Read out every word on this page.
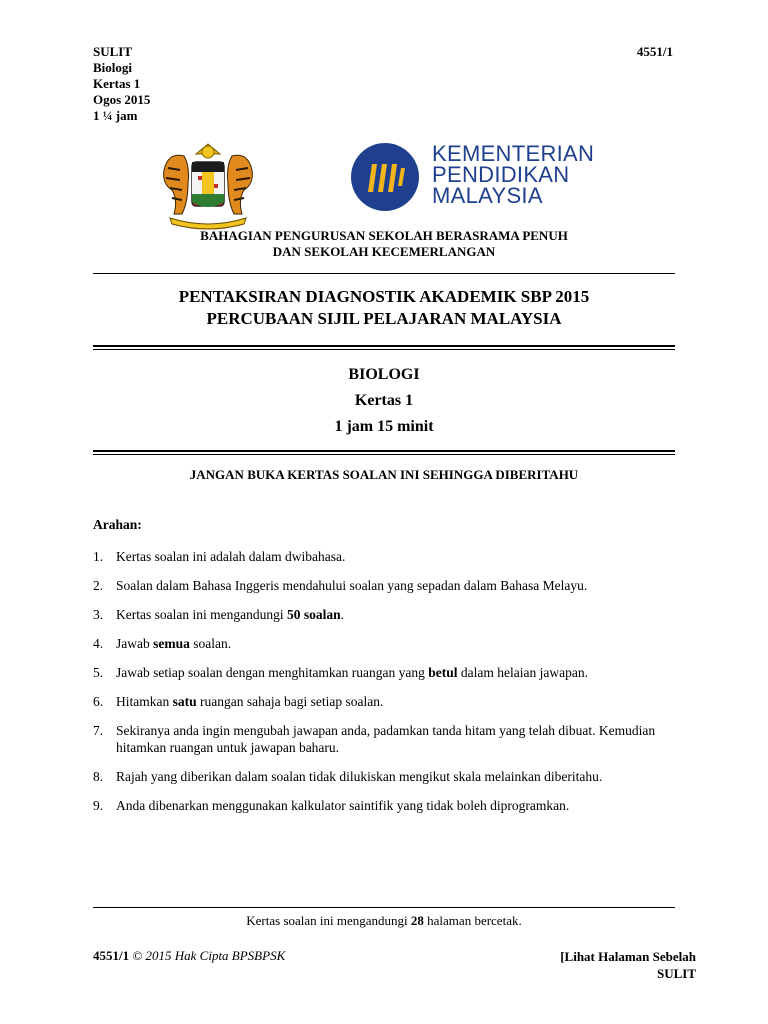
SULIT
Biologi
Kertas 1
Ogos 2015
1 ¼ jam
4551/1
KEMENTERIAN
PENDIDIKAN
MALAYSIA
BAHAGIAN PENGURUSAN SEKOLAH BERASRAMA PENUH
DAN SEKOLAH KECEMERLANGAN
PENTAKSIRAN DIAGNOSTIK AKADEMIK SBP 2015
PERCUBAAN SIJIL PELAJARAN MALAYSIA
BIOLOGI
Kertas 1
1 jam 15 minit
JANGAN BUKA KERTAS SOALAN INI SEHINGGA DIBERITAHU
Arahan:
1. Kertas soalan ini adalah dalam dwibahasa.
2. Soalan dalam Bahasa Inggeris mendahului soalan yang sepadan dalam Bahasa Melayu.
3. Kertas soalan ini mengandungi 50 soalan.
4. Jawab semua soalan.
5. Jawab setiap soalan dengan menghitamkan ruangan yang betul dalam helaian jawapan.
6. Hitamkan satu ruangan sahaja bagi setiap soalan.
7. Sekiranya anda ingin mengubah jawapan anda, padamkan tanda hitam yang telah dibuat. Kemudian hitamkan ruangan untuk jawapan baharu.
8. Rajah yang diberikan dalam soalan tidak dilukiskan mengikut skala melainkan diberitahu.
9. Anda dibenarkan menggunakan kalkulator saintifik yang tidak boleh diprogramkan.
Kertas soalan ini mengandungi 28 halaman bercetak.
4551/1 © 2015 Hak Cipta BPSBPSK	[Lihat Halaman Sebelah
SULIT
